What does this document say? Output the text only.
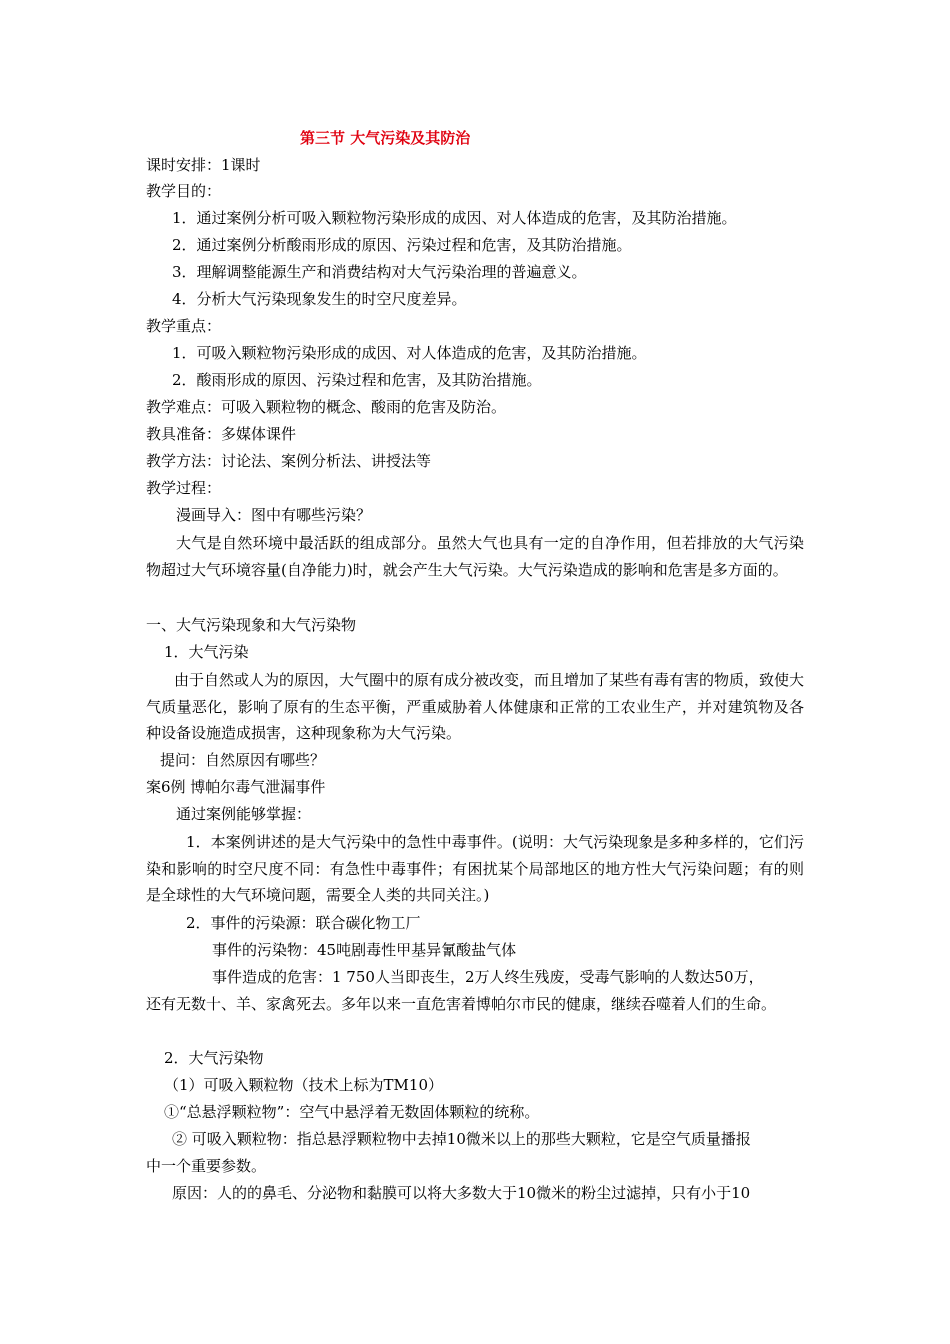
第三节 大气污染及其防治
课时安排：1课时
教学目的：
1．通过案例分析可吸入颗粒物污染形成的成因、对人体造成的危害，及其防治措施。
2．通过案例分析酸雨形成的原因、污染过程和危害，及其防治措施。
3．理解调整能源生产和消费结构对大气污染治理的普遍意义。
4．分析大气污染现象发生的时空尺度差异。
教学重点：
1．可吸入颗粒物污染形成的成因、对人体造成的危害，及其防治措施。
2．酸雨形成的原因、污染过程和危害，及其防治措施。
教学难点：可吸入颗粒物的概念、酸雨的危害及防治。
教具准备：多媒体课件
教学方法：讨论法、案例分析法、讲授法等
教学过程：
漫画导入：图中有哪些污染？
大气是自然环境中最活跃的组成部分。虽然大气也具有一定的自净作用，但若排放的大气污染物超过大气环境容量(自净能力)时，就会产生大气污染。大气污染造成的影响和危害是多方面的。
一、大气污染现象和大气污染物
1．大气污染
由于自然或人为的原因，大气圈中的原有成分被改变，而且增加了某些有毒有害的物质，致使大气质量恶化，影响了原有的生态平衡，严重威胁着人体健康和正常的工农业生产，并对建筑物及各种设备设施造成损害，这种现象称为大气污染。
提问：自然原因有哪些？
案6例 博帕尔毒气泄漏事件
通过案例能够掌握：
1．本案例讲述的是大气污染中的急性中毒事件。(说明：大气污染现象是多种多样的，它们污染和影响的时空尺度不同：有急性中毒事件；有困扰某个局部地区的地方性大气污染问题；有的则是全球性的大气环境问题，需要全人类的共同关注。)
2．事件的污染源：联合碳化物工厂
事件的污染物：45吨剧毒性甲基异氰酸盐气体
事件造成的危害：1 750人当即丧生，2万人终生残废，受毒气影响的人数达50万，
还有无数十、羊、家禽死去。多年以来一直危害着博帕尔市民的健康，继续吞噬着人们的生命。
2．大气污染物
（1）可吸入颗粒物（技术上标为TM10）
①“总悬浮颗粒物”：空气中悬浮着无数固体颗粒的统称。
② 可吸入颗粒物：指总悬浮颗粒物中去掉10微米以上的那些大颗粒，它是空气质量播报
中一个重要参数。
原因：人的的鼻毛、分泌物和黏膜可以将大多数大于10微米的粉尘过滤掉，只有小于10
